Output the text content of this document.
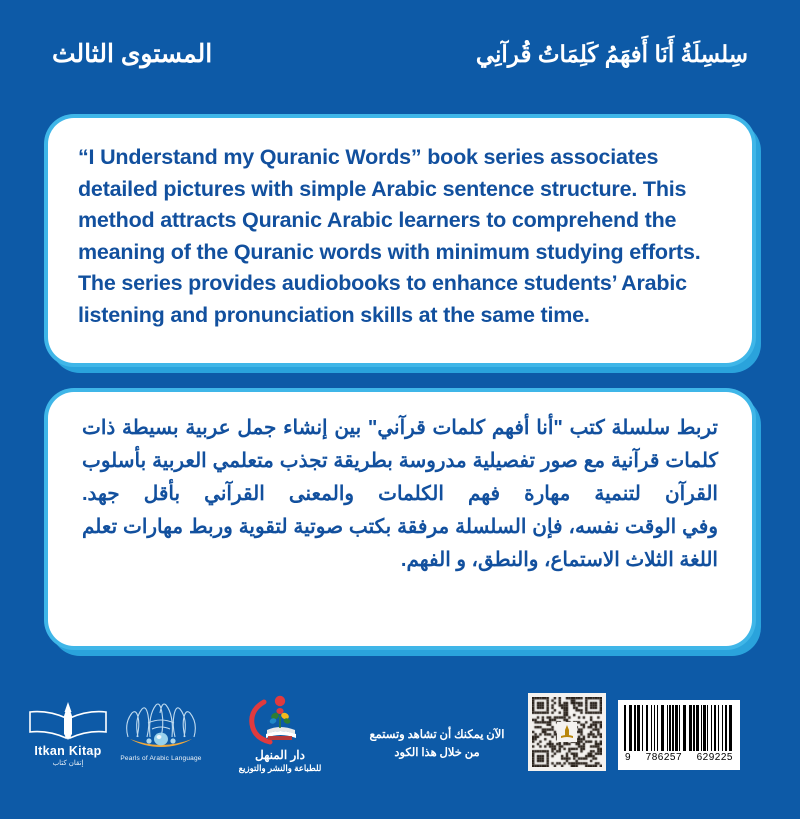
المستوى الثالث	سِلسِلَةُ أَنَا أَفهَمُ كَلِمَاتُ قُرآنِي

“I Understand my Quranic Words” book series associates detailed pictures with simple Arabic sentence structure. This method attracts Quranic Arabic learners to comprehend the meaning of the Quranic words with minimum studying efforts.

The series provides audiobooks to enhance students’ Arabic listening and pronunciation skills at the same time.

تربط سلسلة كتب "أنا أفهم كلمات قرآني" بين إنشاء جمل عربية بسيطة ذات كلمات قرآنية مع صور تفصيلية مدروسة بطريقة تجذب متعلمي العربية بأسلوب القرآن لتنمية مهارة فهم الكلمات والمعنى القرآني بأقل جهد.

وفي الوقت نفسه، فإن السلسلة مرفقة بكتب صوتية لتقوية وربط مهارات تعلم اللغة الثلاث الاستماع، والنطق، و الفهم.

Itkan Kitap
إتقان كتاب
Pearls of Arabic Language	دار المنهل
للطباعة والنشر والتوزيع
الآن يمكنك أن تشاهد وتستمع
من خلال هذا الكود	9 786257 629225
